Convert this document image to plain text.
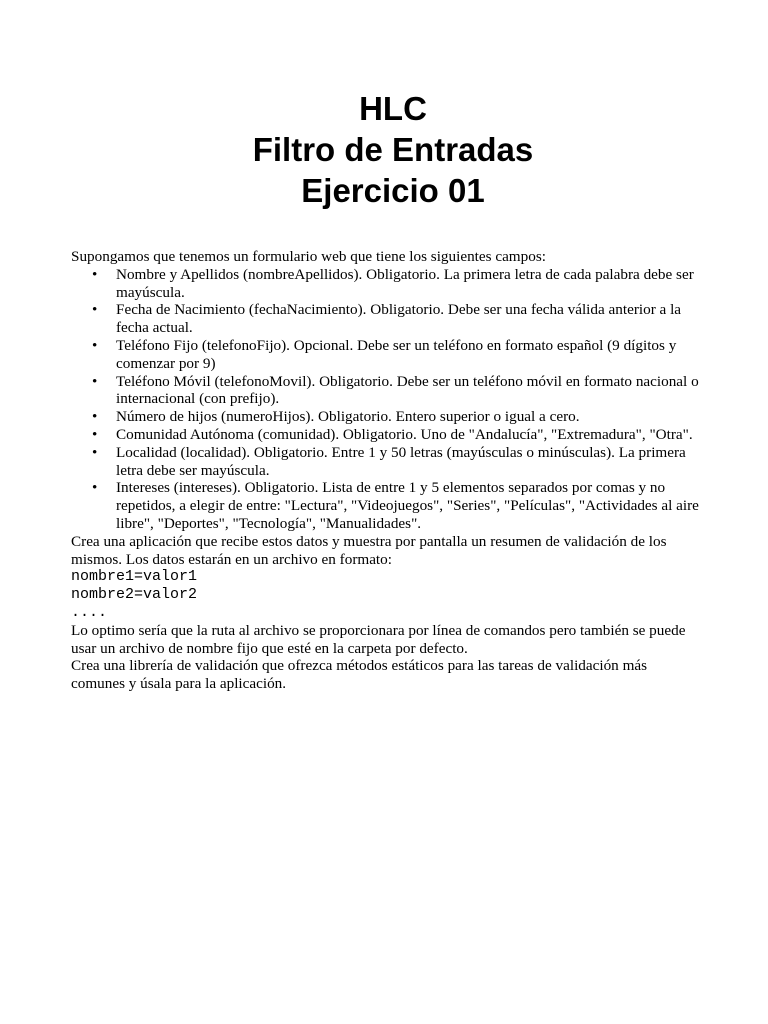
HLC
Filtro de Entradas
Ejercicio 01

Supongamos que tenemos un formulario web que tiene los siguientes campos:

• Nombre y Apellidos (nombreApellidos). Obligatorio. La primera letra de cada palabra debe ser mayúscula.
• Fecha de Nacimiento (fechaNacimiento). Obligatorio. Debe ser una fecha válida anterior a la fecha actual.
• Teléfono Fijo (telefonoFijo). Opcional. Debe ser un teléfono en formato español (9 dígitos y comenzar por 9)
• Teléfono Móvil (telefonoMovil). Obligatorio. Debe ser un teléfono móvil en formato nacional o internacional (con prefijo).
• Número de hijos (numeroHijos). Obligatorio. Entero superior o igual a cero.
• Comunidad Autónoma (comunidad). Obligatorio. Uno de "Andalucía", "Extremadura", "Otra".
• Localidad (localidad). Obligatorio. Entre 1 y 50 letras (mayúsculas o minúsculas). La primera letra debe ser mayúscula.
• Intereses (intereses). Obligatorio. Lista de entre 1 y 5 elementos separados por comas y no repetidos, a elegir de entre: "Lectura", "Videojuegos", "Series", "Películas", "Actividades al aire libre", "Deportes", "Tecnología", "Manualidades".

Crea una aplicación que recibe estos datos y muestra por pantalla un resumen de validación de los mismos. Los datos estarán en un archivo en formato:

nombre1=valor1
nombre2=valor2
....

Lo optimo sería que la ruta al archivo se proporcionara por línea de comandos pero también se puede usar un archivo de nombre fijo que esté en la carpeta por defecto.

Crea una librería de validación que ofrezca métodos estáticos para las tareas de validación más comunes y úsala para la aplicación.
